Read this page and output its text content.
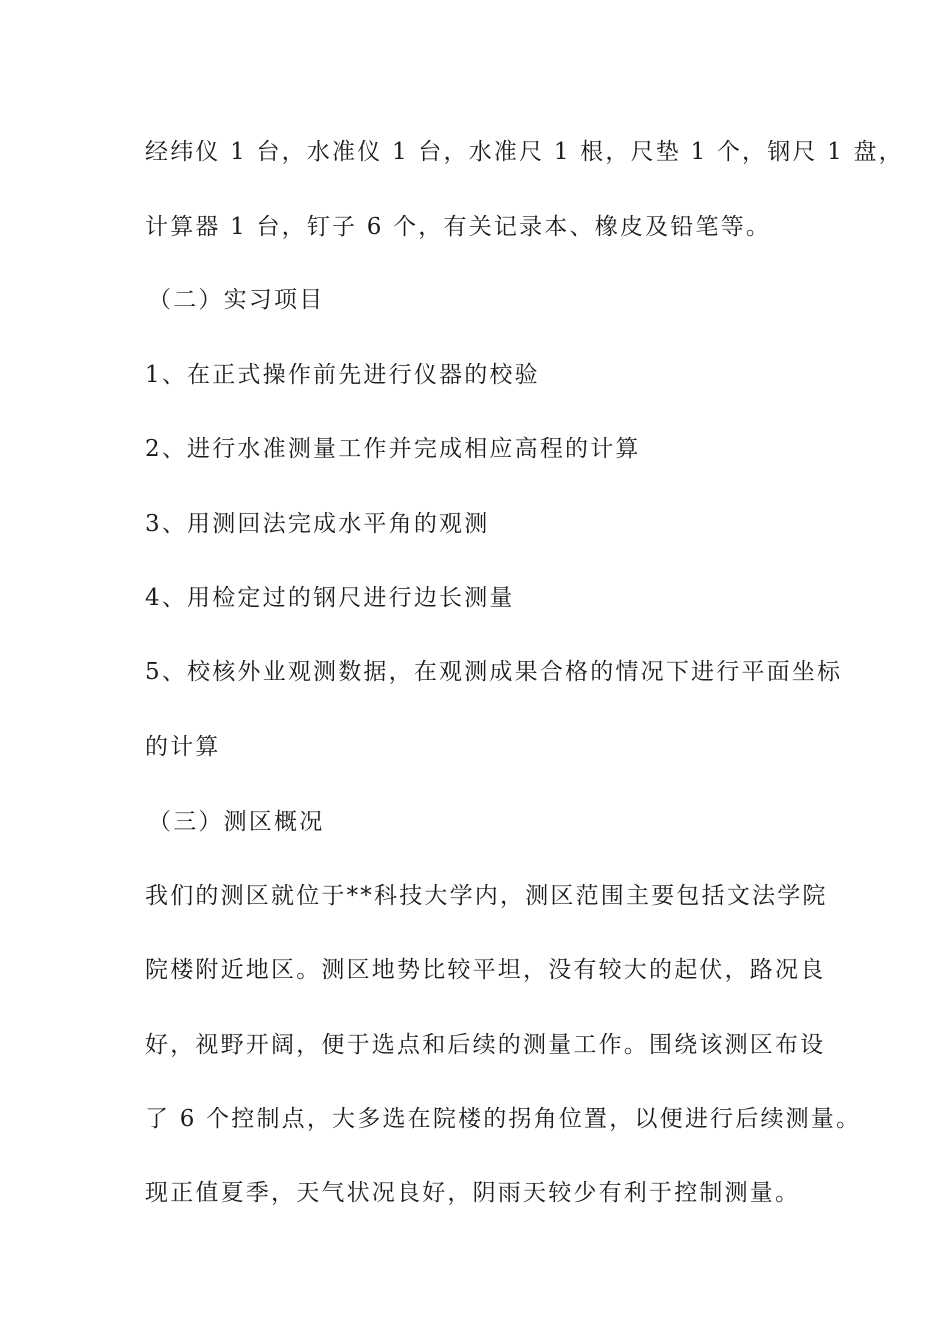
经纬仪 1 台，水准仪 1 台，水准尺 1 根，尺垫 1 个，钢尺 1 盘，
计算器 1 台，钉子 6 个，有关记录本、橡皮及铅笔等。
（二）实习项目
1、在正式操作前先进行仪器的校验
2、进行水准测量工作并完成相应高程的计算
3、用测回法完成水平角的观测
4、用检定过的钢尺进行边长测量
5、校核外业观测数据，在观测成果合格的情况下进行平面坐标
的计算
（三）测区概况
我们的测区就位于**科技大学内，测区范围主要包括文法学院
院楼附近地区。测区地势比较平坦，没有较大的起伏，路况良
好，视野开阔，便于选点和后续的测量工作。围绕该测区布设
了 6 个控制点，大多选在院楼的拐角位置，以便进行后续测量。
现正值夏季，天气状况良好，阴雨天较少有利于控制测量。
